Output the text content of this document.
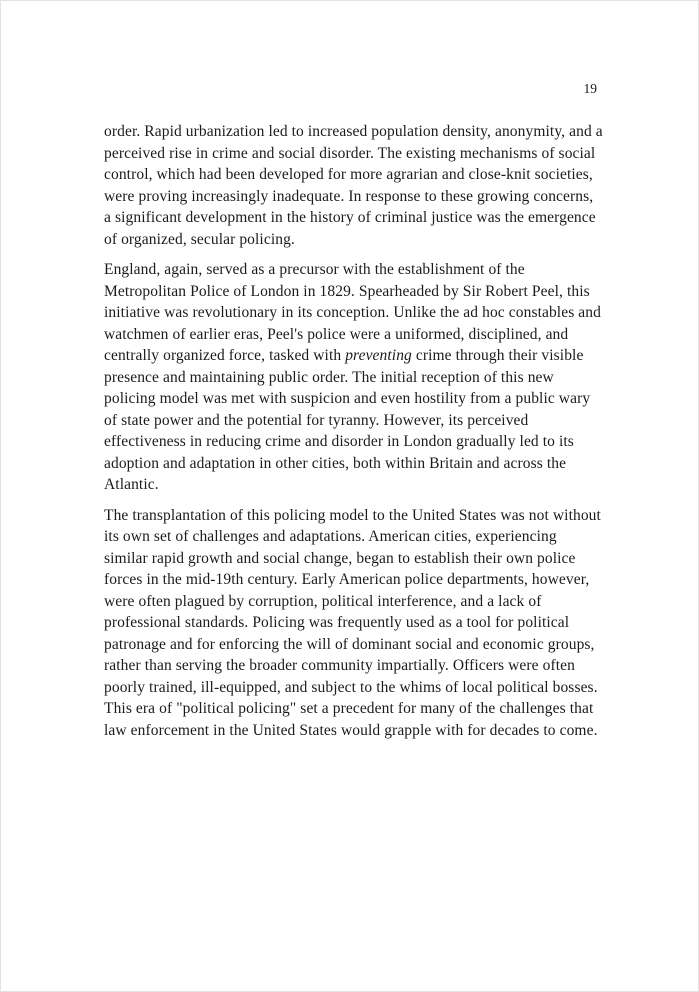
19

order. Rapid urbanization led to increased population density, anonymity, and a perceived rise in crime and social disorder. The existing mechanisms of social control, which had been developed for more agrarian and close-knit societies, were proving increasingly inadequate. In response to these growing concerns, a significant development in the history of criminal justice was the emergence of organized, secular policing.

England, again, served as a precursor with the establishment of the Metropolitan Police of London in 1829. Spearheaded by Sir Robert Peel, this initiative was revolutionary in its conception. Unlike the ad hoc constables and watchmen of earlier eras, Peel's police were a uniformed, disciplined, and centrally organized force, tasked with preventing crime through their visible presence and maintaining public order. The initial reception of this new policing model was met with suspicion and even hostility from a public wary of state power and the potential for tyranny. However, its perceived effectiveness in reducing crime and disorder in London gradually led to its adoption and adaptation in other cities, both within Britain and across the Atlantic.

The transplantation of this policing model to the United States was not without its own set of challenges and adaptations. American cities, experiencing similar rapid growth and social change, began to establish their own police forces in the mid-19th century. Early American police departments, however, were often plagued by corruption, political interference, and a lack of professional standards. Policing was frequently used as a tool for political patronage and for enforcing the will of dominant social and economic groups, rather than serving the broader community impartially. Officers were often poorly trained, ill-equipped, and subject to the whims of local political bosses. This era of "political policing" set a precedent for many of the challenges that law enforcement in the United States would grapple with for decades to come.
